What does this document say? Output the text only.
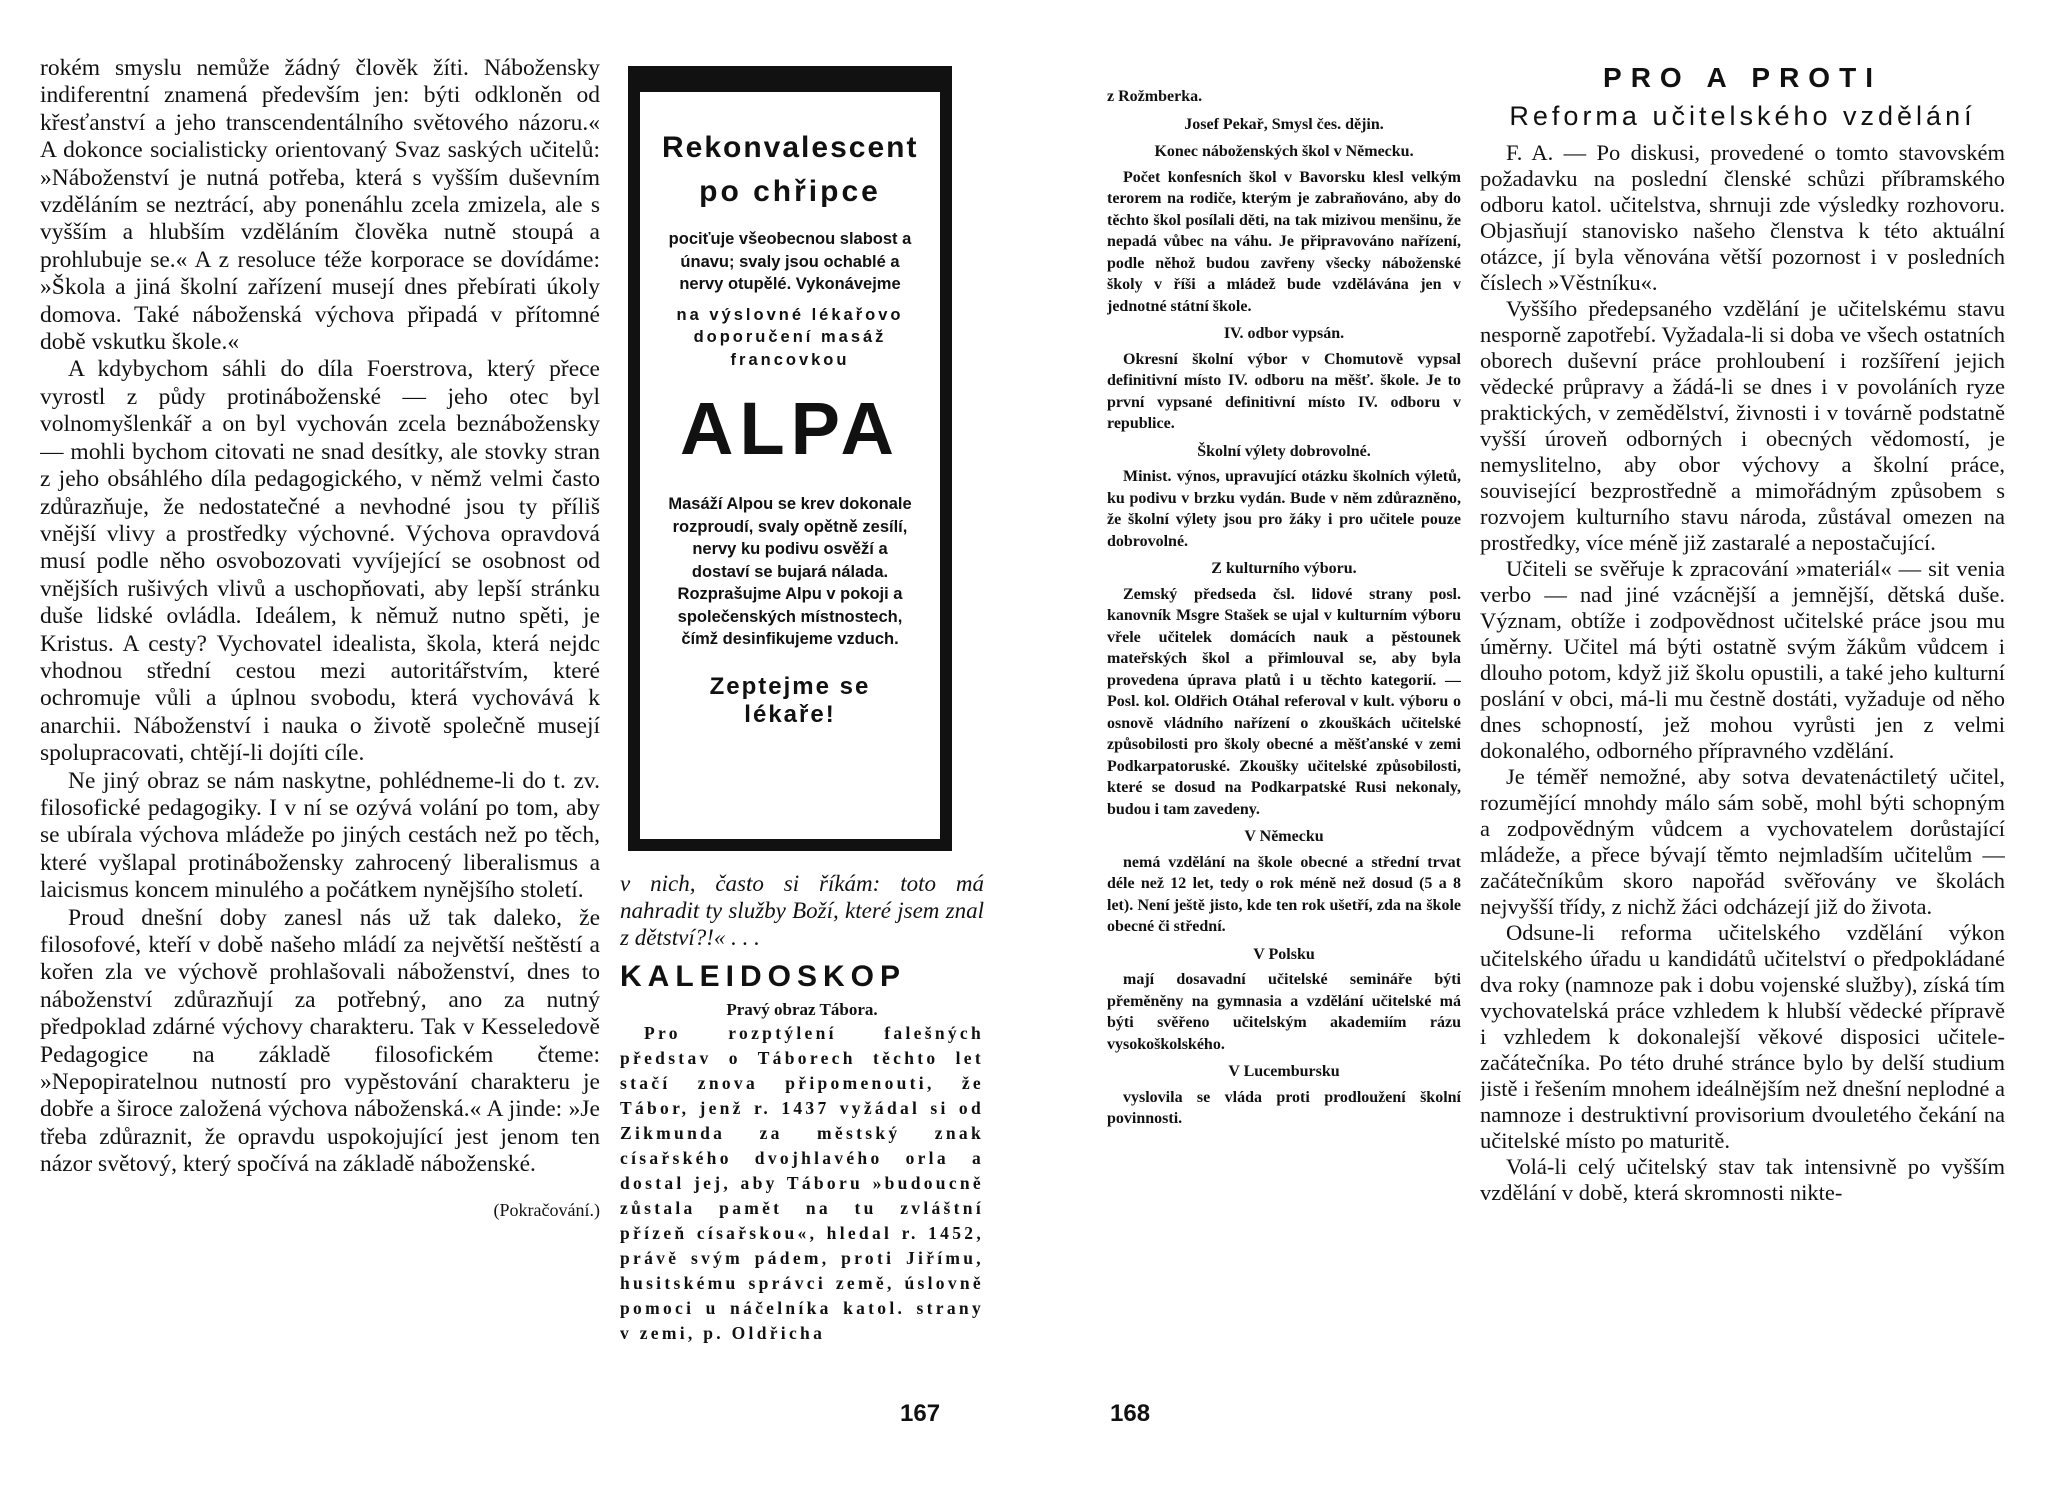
rokém smyslu nemůže žádný člověk žíti. Nábožensky indiferentní znamená především jen: býti odkloněn od křesťanství a jeho transcendentálního světového názoru.« A dokonce socialisticky orientovaný Svaz saských učitelů: »Náboženství je nutná potřeba, která s vyšším duševním vzděláním se neztrácí, aby ponenáhlu zcela zmizela, ale s vyšším a hlubším vzděláním člověka nutně stoupá a prohlubuje se.« A z resoluce téže korporace se dovídáme: »Škola a jiná školní zařízení musejí dnes přebírati úkoly domova. Také náboženská výchova připadá v přítomné době vskutku škole.«

A kdybychom sáhli do díla Foerstrova, který přece vyrostl z půdy protináboženské — jeho otec byl volnomyšlenkář a on byl vychován zcela beznábožensky — mohli bychom citovati ne snad desítky, ale stovky stran z jeho obsáhlého díla pedagogického, v němž velmi často zdůrazňuje, že nedostatečné a nevhodné jsou ty příliš vnější vlivy a prostředky výchovné. Výchova opravdová musí podle něho osvobozovati vyvíjející se osobnost od vnějších rušivých vlivů a uschopňovati, aby lepší stránku duše lidské ovládla. Ideálem, k němuž nutno spěti, je Kristus. A cesty? Vychovatel idealista, škola, která nejdc vhodnou střední cestou mezi autoritářstvím, které ochromuje vůli a úplnou svobodu, která vychovává k anarchii. Náboženství i nauka o životě společně musejí spolupracovati, chtějí-li dojíti cíle.

Ne jiný obraz se nám naskytne, pohlédneme-li do t. zv. filosofické pedagogiky. I v ní se ozývá volání po tom, aby se ubírala výchova mládeže po jiných cestách než po těch, které vyšlapal protinábožensky zahrocený liberalismus a laicismus koncem minulého a počátkem nynějšího století.

Proud dnešní doby zanesl nás už tak daleko, že filosofové, kteří v době našeho mládí za největší neštěstí a kořen zla ve výchově prohlašovali náboženství, dnes to náboženství zdůrazňují za potřebný, ano za nutný předpoklad zdárné výchovy charakteru. Tak v Kesseledově Pedagogice na základě filosofickém čteme: »Nepopiratelnou nutností pro vypěstování charakteru je dobře a široce založená výchova náboženská.« A jinde: »Je třeba zdůraznit, že opravdu uspokojující jest jenom ten názor světový, který spočívá na základě náboženské.

(Pokračování.)

Rekonvalescent
po chřipce
pociťuje všeobecnou slabost a únavu; svaly jsou ochablé a nervy otupělé. Vykonávejme
na výslovné lékařovo doporučení masáž francovkou
ALPA
Masáží Alpou se krev dokonale rozproudí, svaly opětně zesílí, nervy ku podivu osvěží a dostaví se bujará nálada. Rozprašujme Alpu v pokoji a společenských místnostech, čímž desinfikujeme vzduch.
Zeptejme se lékaře!

v nich, často si říkám: toto má nahradit ty služby Boží, které jsem znal z dětství?!« . . .

KALEIDOSKOP
Pravý obraz Tábora.

Pro rozptýlení falešných představ o Táborech těchto let stačí znova připomenouti, že Tábor, jenž r. 1437 vyžádal si od Zikmunda za městský znak císařského dvojhlavého orla a dostal jej, aby Táboru »budoucně zůstala pamět na tu zvláštní přízeň císařskou«, hledal r. 1452, právě svým pádem, proti Jiřímu, husitskému správci země, úslovně pomoci u náčelníka katol. strany v zemi, p. Oldřicha

167
z Rožmberka.
Josef Pekař, Smysl čes. dějin.
Konec náboženských škol v Německu.

Počet konfesních škol v Bavorsku klesl velkým terorem na rodiče, kterým je zabraňováno, aby do těchto škol posílali děti, na tak mizivou menšinu, že nepadá vůbec na váhu. Je připravováno nařízení, podle něhož budou zavřeny všecky náboženské školy v říši a mládež bude vzdělávána jen v jednotné státní škole.

IV. odbor vypsán.

Okresní školní výbor v Chomutově vypsal definitivní místo IV. odboru na měšť. škole. Je to první vypsané definitivní místo IV. odboru v republice.

Školní výlety dobrovolné.

Minist. výnos, upravující otázku školních výletů, ku podivu v brzku vydán. Bude v něm zdůrazněno, že školní výlety jsou pro žáky i pro učitele pouze dobrovolné.

Z kulturního výboru.

Zemský předseda čsl. lidové strany posl. kanovník Msgre Stašek se ujal v kulturním výboru vřele učitelek domácích nauk a pěstounek mateřských škol a přimlouval se, aby byla provedena úprava platů i u těchto kategorií. — Posl. kol. Oldřich Otáhal referoval v kult. výboru o osnově vládního nařízení o zkouškách učitelské způsobilosti pro školy obecné a měšťanské v zemi Podkarpatoruské. Zkoušky učitelské způsobilosti, které se dosud na Podkarpatské Rusi nekonaly, budou i tam zavedeny.

V Německu

nemá vzdělání na škole obecné a střední trvat déle než 12 let, tedy o rok méně než dosud (5 a 8 let). Není ještě jisto, kde ten rok ušetří, zda na škole obecné či střední.

V Polsku

mají dosavadní učitelské semináře býti přeměněny na gymnasia a vzdělání učitelské má býti svěřeno učitelským akademiím rázu vysokoškolského.

V Lucembursku

vyslovila se vláda proti prodloužení školní povinnosti.

168
PRO A PROTI
Reforma učitelského vzdělání

F. A. — Po diskusi, provedené o tomto stavovském požadavku na poslední členské schůzi příbramského odboru katol. učitelstva, shrnuji zde výsledky rozhovoru. Objasňují stanovisko našeho členstva k této aktuální otázce, jí byla věnována větší pozornost i v posledních číslech »Věstníku«.

Vyššího předepsaného vzdělání je učitelskému stavu nesporně zapotřebí. Vyžadala-li si doba ve všech ostatních oborech duševní práce prohloubení i rozšíření jejich vědecké průpravy a žádá-li se dnes i v povoláních ryze praktických, v zemědělství, živnosti i v továrně podstatně vyšší úroveň odborných i obecných vědomostí, je nemyslitelno, aby obor výchovy a školní práce, související bezprostředně a mimořádným způsobem s rozvojem kulturního stavu národa, zůstával omezen na prostředky, více méně již zastaralé a nepostačující.

Učiteli se svěřuje k zpracování »materiál« — sit venia verbo — nad jiné vzácnější a jemnější, dětská duše. Význam, obtíže i zodpovědnost učitelské práce jsou mu úměrny. Učitel má býti ostatně svým žákům vůdcem i dlouho potom, když již školu opustili, a také jeho kulturní poslání v obci, má-li mu čestně dostáti, vyžaduje od něho dnes schopností, jež mohou vyrůsti jen z velmi dokonalého, odborného přípravného vzdělání.

Je téměř nemožné, aby sotva devatenáctiletý učitel, rozumějící mnohdy málo sám sobě, mohl býti schopným a zodpovědným vůdcem a vychovatelem dorůstající mládeže, a přece bývají těmto nejmladším učitelům — začátečníkům skoro napořád svěřovány ve školách nejvyšší třídy, z nichž žáci odcházejí již do života.

Odsune-li reforma učitelského vzdělání výkon učitelského úřadu u kandidátů učitelství o předpokládané dva roky (namnoze pak i dobu vojenské služby), získá tím vychovatelská práce vzhledem k hlubší vědecké přípravě i vzhledem k dokonalejší věkové disposici učitele-začátečníka. Po této druhé stránce bylo by delší studium jistě i řešením mnohem ideálnějším než dnešní neplodné a namnoze i destruktivní provisorium dvouletého čekání na učitelské místo po maturitě.

Volá-li celý učitelský stav tak intensivně po vyšším vzdělání v době, která skromnosti nikte-
